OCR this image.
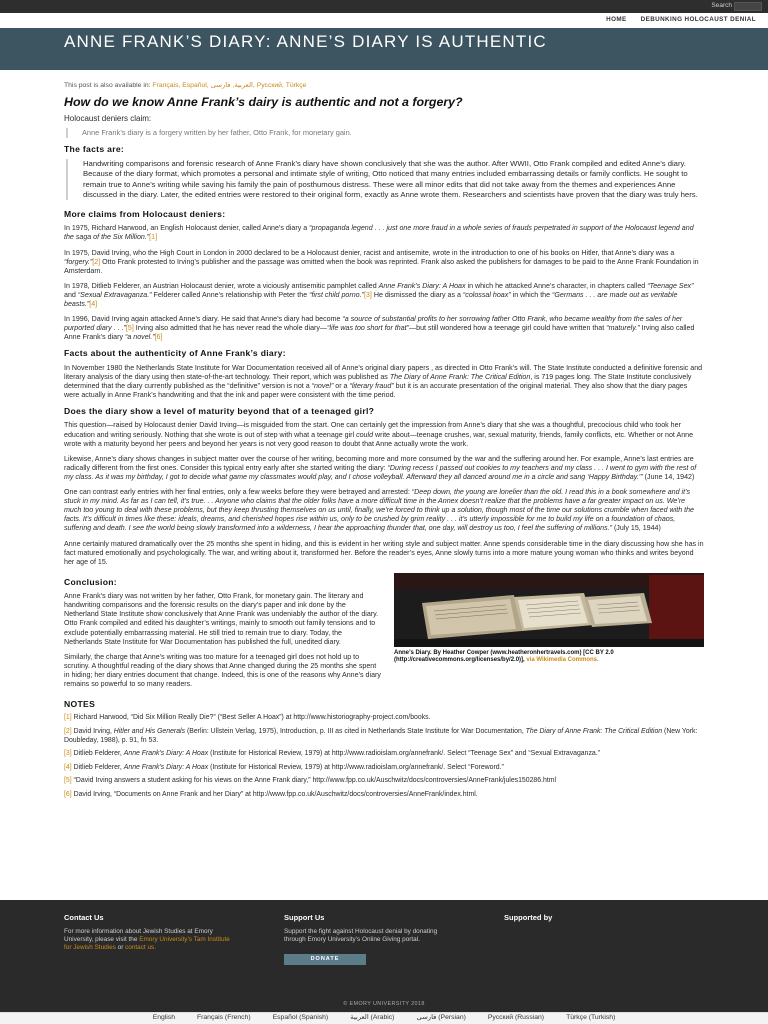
Search
HOME DEBUNKING HOLOCAUST DENIAL
ANNE FRANK’S DIARY: ANNE’S DIARY IS AUTHENTIC
This post is also available in: Français, Español, العربية, فارسی, Русский, Türkçe
How do we know Anne Frank’s dairy is authentic and not a forgery?
Holocaust deniers claim:
Anne Frank’s diary is a forgery written by her father, Otto Frank, for monetary gain.
The facts are:
Handwriting comparisons and forensic research of Anne Frank’s diary have shown conclusively that she was the author. After WWII, Otto Frank compiled and edited Anne’s diary. Because of the diary format, which promotes a personal and intimate style of writing, Otto noticed that many entries included embarrassing details or family conflicts. He sought to remain true to Anne’s writing while saving his family the pain of posthumous distress. These were all minor edits that did not take away from the themes and experiences Anne discussed in the diary. Later, the edited entries were restored to their original form, exactly as Anne wrote them. Researchers and scientists have proven that the diary was truly hers.
More claims from Holocaust deniers:

In 1975, Richard Harwood, an English Holocaust denier, called Anne’s diary a “propaganda legend . . . just one more fraud in a whole series of frauds perpetrated in support of the Holocaust legend and the saga of the Six Million.”[1]

In 1975, David Irving, who the High Court in London in 2000 declared to be a Holocaust denier, racist and antisemite, wrote in the introduction to one of his books on Hitler, that Anne’s diary was a “forgery.”[2] Otto Frank protested to Irving’s publisher and the passage was omitted when the book was reprinted. Frank also asked the publishers for damages to be paid to the Anne Frank Foundation in Amsterdam.

In 1978, Ditlieb Felderer, an Austrian Holocaust denier, wrote a viciously antisemitic pamphlet called Anne Frank’s Diary: A Hoax in which he attacked Anne’s character, in chapters called “Teenage Sex” and “Sexual Extravaganza.” Felderer called Anne’s relationship with Peter the “first child porno.”[3] He dismissed the diary as a “colossal hoax” in which the “Germans . . . are made out as veritable beasts.”[4]

In 1996, David Irving again attacked Anne’s diary. He said that Anne’s diary had become “a source of substantial profits to her sorrowing father Otto Frank, who became wealthy from the sales of her purported diary . . .”[5] Irving also admitted that he has never read the whole diary—“life was too short for that”—but still wondered how a teenage girl could have written that “maturely.” Irving also called Anne Frank’s diary “a novel.”[6]

Facts about the authenticity of Anne Frank’s diary:

In November 1980 the Netherlands State Institute for War Documentation received all of Anne’s original diary papers , as directed in Otto Frank’s will. The State Institute conducted a definitive forensic and literary analysis of the diary using then state-of-the-art technology. Their report, which was published as The Diary of Anne Frank: The Critical Edition, is 719 pages long. The State Institute conclusively determined that the diary currently published as the “definitive” version is not a “novel” or a “literary fraud” but it is an accurate presentation of the original material. They also show that the diary pages were actually in Anne Frank’s handwriting and that the ink and paper were consistent with the time period.

Does the diary show a level of maturity beyond that of a teenaged girl?

This question—raised by Holocaust denier David Irving—is misguided from the start. One can certainly get the impression from Anne’s diary that she was a thoughtful, precocious child who took her education and writing seriously. Nothing that she wrote is out of step with what a teenage girl could write about—teenage crushes, war, sexual maturity, friends, family conflicts, etc. Whether or not Anne wrote with a maturity beyond her peers and beyond her years is not very good reason to doubt that Anne actually wrote the work.

Likewise, Anne’s diary shows changes in subject matter over the course of her writing, becoming more and more consumed by the war and the suffering around her. For example, Anne’s last entries are radically different from the first ones. Consider this typical entry early after she started writing the diary: “During recess I passed out cookies to my teachers and my class . . . I went to gym with the rest of my class. As it was my birthday, I got to decide what game my classmates would play, and I chose volleyball. Afterward they all danced around me in a circle and sang ‘Happy Birthday.’” (June 14, 1942)

One can contrast early entries with her final entries, only a few weeks before they were betrayed and arrested: “Deep down, the young are lonelier than the old. I read this in a book somewhere and it’s stuck in my mind. As far as I can tell, it’s true. . . Anyone who claims that the older folks have a more difficult time in the Annex doesn’t realize that the problems have a far greater impact on us. We’re much too young to deal with these problems, but they keep thrusting themselves on us until, finally, we’re forced to think up a solution, though most of the time our solutions crumble when faced with the facts. It’s difficult in times like these: ideals, dreams, and cherished hopes rise within us, only to be crushed by grim reality . . . it’s utterly impossible for me to build my life on a foundation of chaos, suffering and death. I see the world being slowly transformed into a wilderness, I hear the approaching thunder that, one day, will destroy us too, I feel the suffering of millions.” (July 15, 1944)

Anne certainly matured dramatically over the 25 months she spent in hiding, and this is evident in her writing style and subject matter. Anne spends considerable time in the diary discussing how she has in fact matured emotionally and psychologically. The war, and writing about it, transformed her. Before the reader’s eyes, Anne slowly turns into a more mature young woman who thinks and writes beyond her age of 15.

Conclusion:

Anne Frank’s diary was not written by her father, Otto Frank, for monetary gain. The literary and handwriting comparisons and the forensic results on the diary’s paper and ink done by the Netherland State Institute show conclusively that Anne Frank was undeniably the author of the diary. Otto Frank compiled and edited his daughter’s writings, mainly to smooth out family tensions and to exclude potentially embarrassing material. He still tried to remain true to diary. Today, the Netherlands State Institute for War Documentation has published the full, unedited diary.

Similarly, the charge that Anne’s writing was too mature for a teenaged girl does not hold up to scrutiny. A thoughtful reading of the diary shows that Anne changed during the 25 months she spent in hiding; her diary entries document that change. Indeed, this is one of the reasons why Anne’s diary remains so powerful to so many readers.

Anne’s Diary. By Heather Cowper (www.heatheronhertravels.com) [CC BY 2.0 (http://creativecommons.org/licenses/by/2.0)], via Wikimedia Commons.
NOTES

[1] Richard Harwood, “Did Six Million Really Die?” (“Best Seller A Hoax”) at http://www.historiography-project.com/books.

[2] David Irving, Hitler and His Generals (Berlin: Ullstein Verlag, 1975), Introduction, p. III as cited in Netherlands State Institute for War Documentation, The Diary of Anne Frank: The Critical Edition (New York: Doubleday, 1988), p. 91, fn 53.

[3] Ditlieb Felderer, Anne Frank’s Diary: A Hoax (Institute for Historical Review, 1979) at http://www.radioislam.org/annefrank/. Select “Teenage Sex” and “Sexual Extravaganza.”

[4] Ditlieb Felderer, Anne Frank’s Diary: A Hoax (Institute for Historical Review, 1979) at http://www.radioislam.org/annefrank/. Select “Foreword.”

[5] “David Irving answers a student asking for his views on the Anne Frank diary,” http://www.fpp.co.uk/Auschwitz/docs/controversies/AnneFrank/jules150286.html

[6] David Irving, “Documents on Anne Frank and her Diary” at http://www.fpp.co.uk/Auschwitz/docs/controversies/AnneFrank/index.html.

Contact Us
For more information about Jewish Studies at Emory University, please visit the Emory University’s Tam Institute for Jewish Studies or contact us.
Support Us
Support the fight against Holocaust denial by donating through Emory University’s Online Giving portal.
DONATE
Supported by
© EMORY UNIVERSITY 2018
English	Français (French)	Español (Spanish)	العربية (Arabic)	فارسی (Persian)	Русский (Russian)	Türkçe (Turkish)
